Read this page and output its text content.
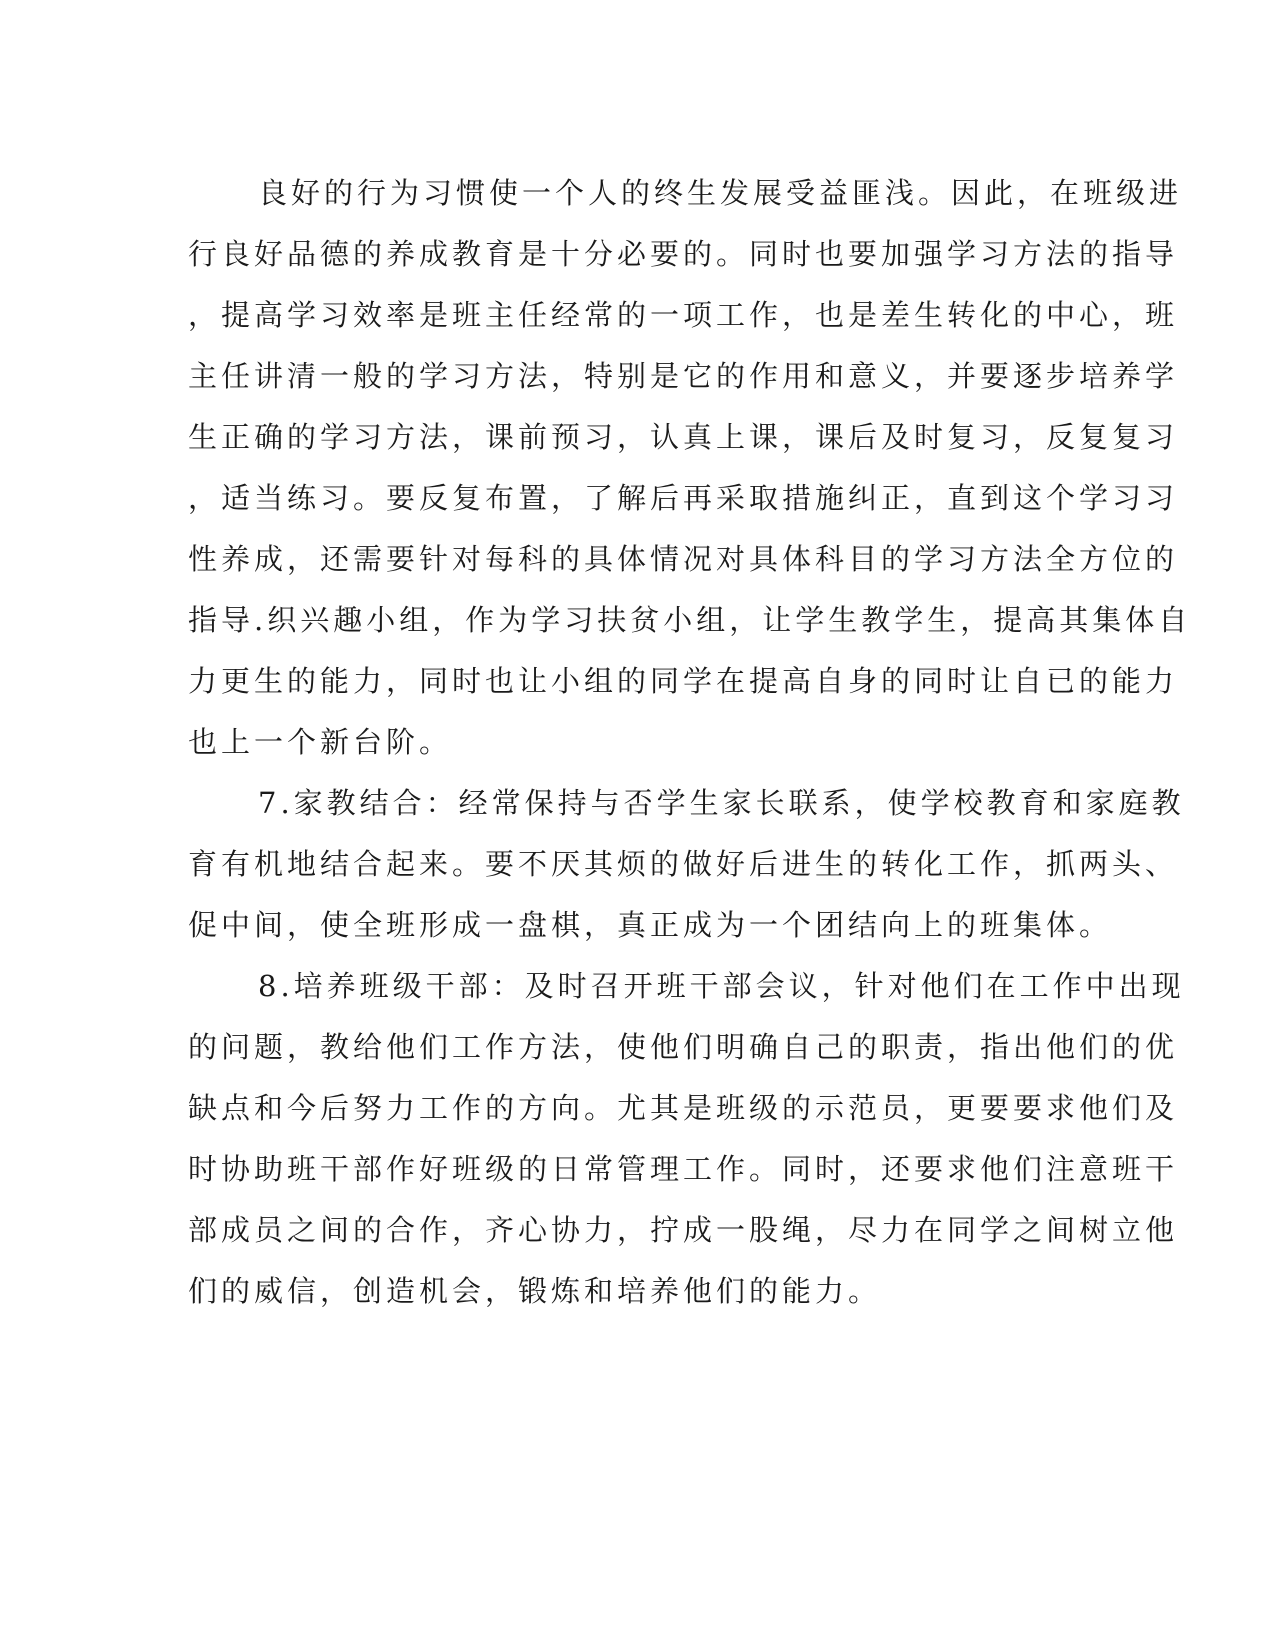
良好的行为习惯使一个人的终生发展受益匪浅。因此，在班级进
行良好品德的养成教育是十分必要的。同时也要加强学习方法的指导
，提高学习效率是班主任经常的一项工作，也是差生转化的中心，班
主任讲清一般的学习方法，特别是它的作用和意义，并要逐步培养学
生正确的学习方法，课前预习，认真上课，课后及时复习，反复复习
，适当练习。要反复布置，了解后再采取措施纠正，直到这个学习习
性养成，还需要针对每科的具体情况对具体科目的学习方法全方位的
指导.织兴趣小组，作为学习扶贫小组，让学生教学生，提高其集体自
力更生的能力，同时也让小组的同学在提高自身的同时让自已的能力
也上一个新台阶。
7.家教结合：经常保持与否学生家长联系，使学校教育和家庭教
育有机地结合起来。要不厌其烦的做好后进生的转化工作，抓两头、
促中间，使全班形成一盘棋，真正成为一个团结向上的班集体。
8.培养班级干部：及时召开班干部会议，针对他们在工作中出现
的问题，教给他们工作方法，使他们明确自己的职责，指出他们的优
缺点和今后努力工作的方向。尤其是班级的示范员，更要要求他们及
时协助班干部作好班级的日常管理工作。同时，还要求他们注意班干
部成员之间的合作，齐心协力，拧成一股绳，尽力在同学之间树立他
们的威信，创造机会，锻炼和培养他们的能力。
